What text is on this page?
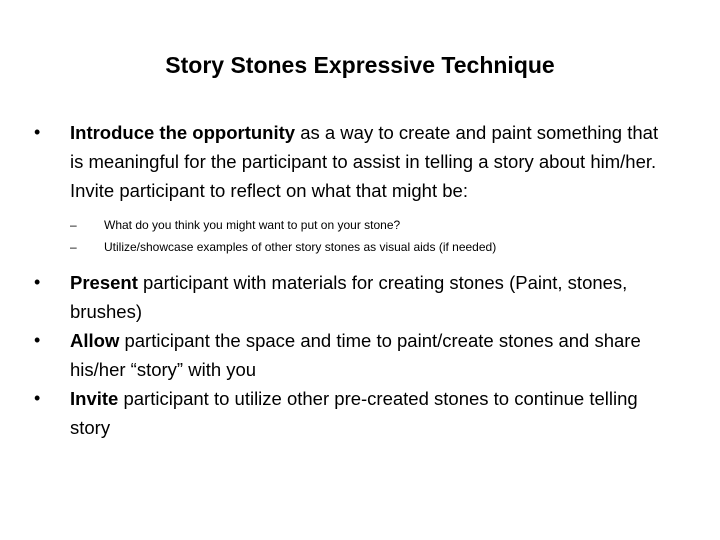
Story Stones Expressive Technique
•	Introduce the opportunity as a way to create and paint something that is meaningful for the participant to assist in telling a story about him/her. Invite participant to reflect on what that might be:
– What do you think you might want to put on your stone?
– Utilize/showcase examples of other story stones as visual aids (if needed)
•	Present participant with materials for creating stones (Paint, stones, brushes)
•	Allow participant the space and time to paint/create stones and share his/her “story” with you
•	Invite participant to utilize other pre-created stones to continue telling story
